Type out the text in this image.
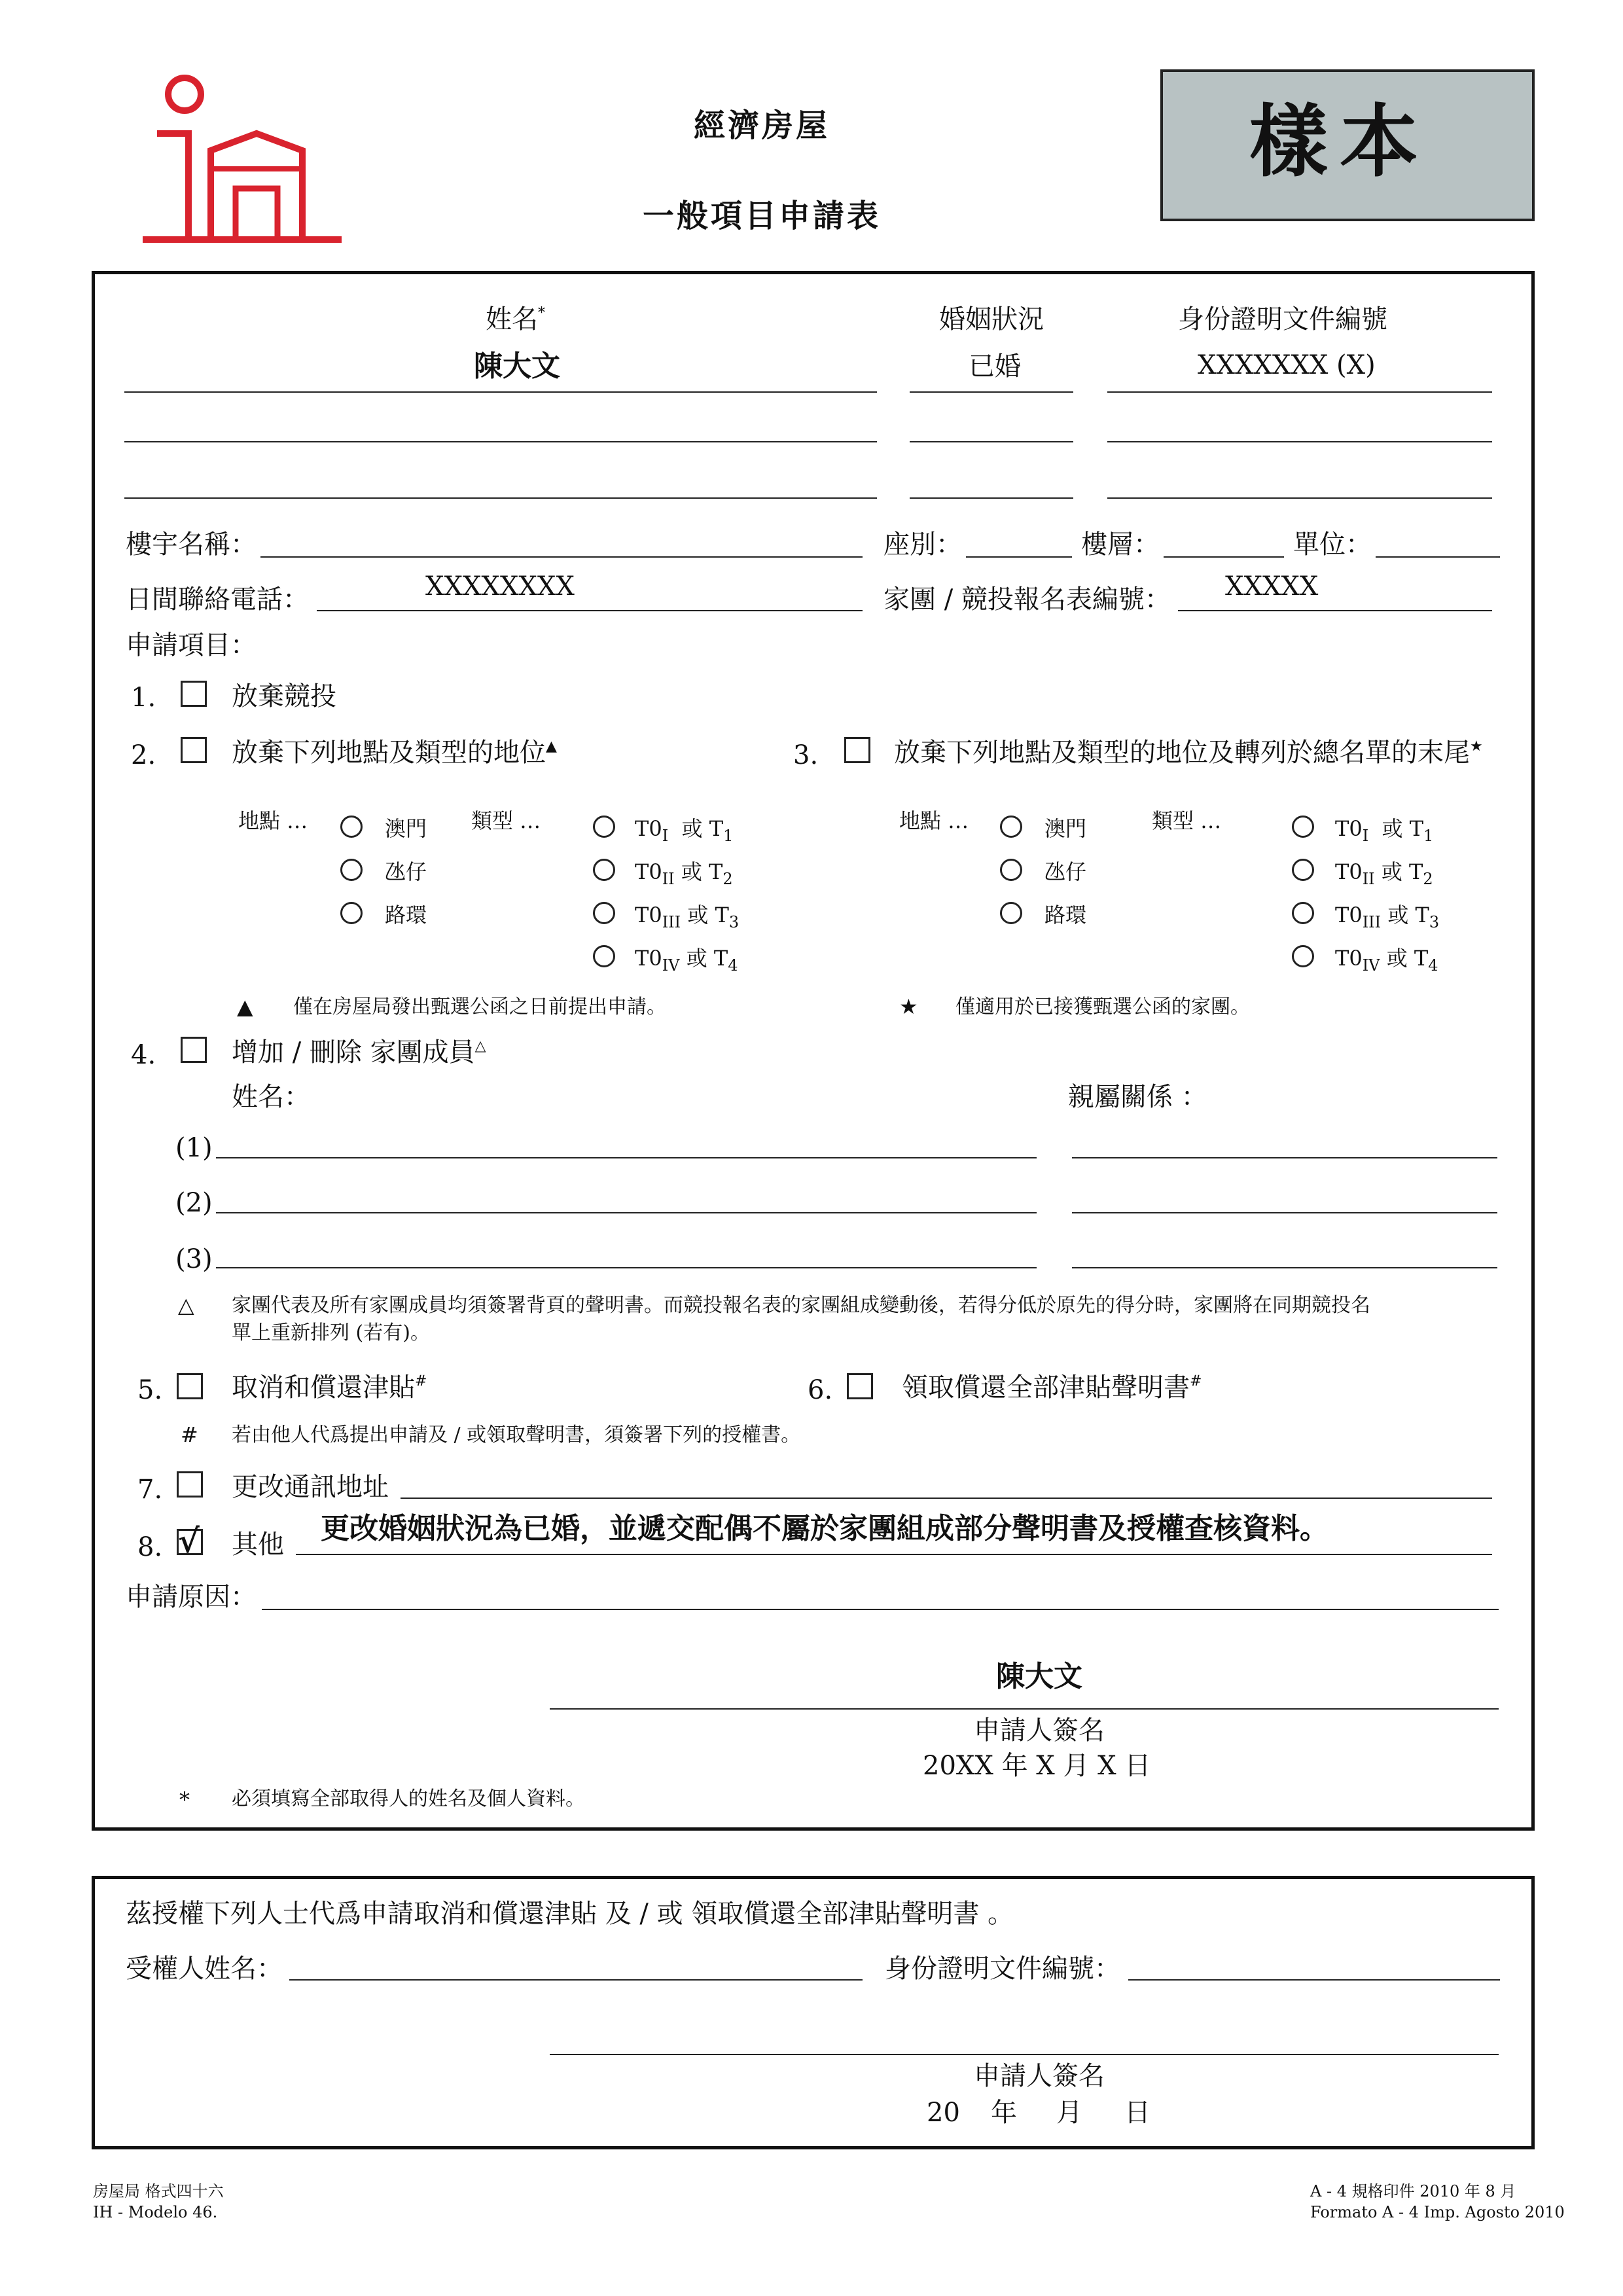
經濟房屋
一般項目申請表
樣本
姓名*	婚姻狀況	身份證明文件編號
陳大文	已婚	XXXXXXX (X)
樓宇名稱：	座別：	樓層：	單位：
日間聯絡電話：	XXXXXXXX	家團 / 競投報名表編號： XXXXX
申請項目：
1.	放棄競投
2.	放棄下列地點及類型的地位▲	3.	放棄下列地點及類型的地位及轉列於總名單的末尾★
地點 …	類型 …
澳門
氹仔
路環
$T0_I$ 或 $T_1$
$T0_{II}$ 或 $T_2$
$T0_{III}$ 或 $T_3$
$T0_{IV}$ 或 $T_4$
地點 …	類型 …
澳門
氹仔
路環
$T0_I$ 或 $T_1$
$T0_{II}$ 或 $T_2$
$T0_{III}$ 或 $T_3$
$T0_{IV}$ 或 $T_4$
▲ 僅在房屋局發出甄選公函之日前提出申請。	★ 僅適用於已接獲甄選公函的家團。
4.	增加 / 刪除 家團成員△
姓名：	親屬關係 ：
(1)
(2)
(3)
△ 家團代表及所有家團成員均須簽署背頁的聲明書。而競投報名表的家團組成變動後，若得分低於原先的得分時，家團將在同期競投名
單上重新排列 (若有)。
5.	取消和償還津貼#	6.	領取償還全部津貼聲明書#
# 若由他人代爲提出申請及 / 或領取聲明書，須簽署下列的授權書。
7.	更改通訊地址
8. √ 其他 更改婚姻狀況為已婚，並遞交配偶不屬於家團組成部分聲明書及授權查核資料。
申請原因：
陳大文
申請人簽名
20XX 年 X 月 X 日
* 必須填寫全部取得人的姓名及個人資料。
茲授權下列人士代爲申請取消和償還津貼 及 / 或 領取償還全部津貼聲明書 。
受權人姓名：	身份證明文件編號：
申請人簽名
20 年 月 日
房屋局 格式四十六
IH - Modelo 46.
A - 4 規格印件 2010 年 8 月
Formato A - 4 Imp. Agosto 2010
